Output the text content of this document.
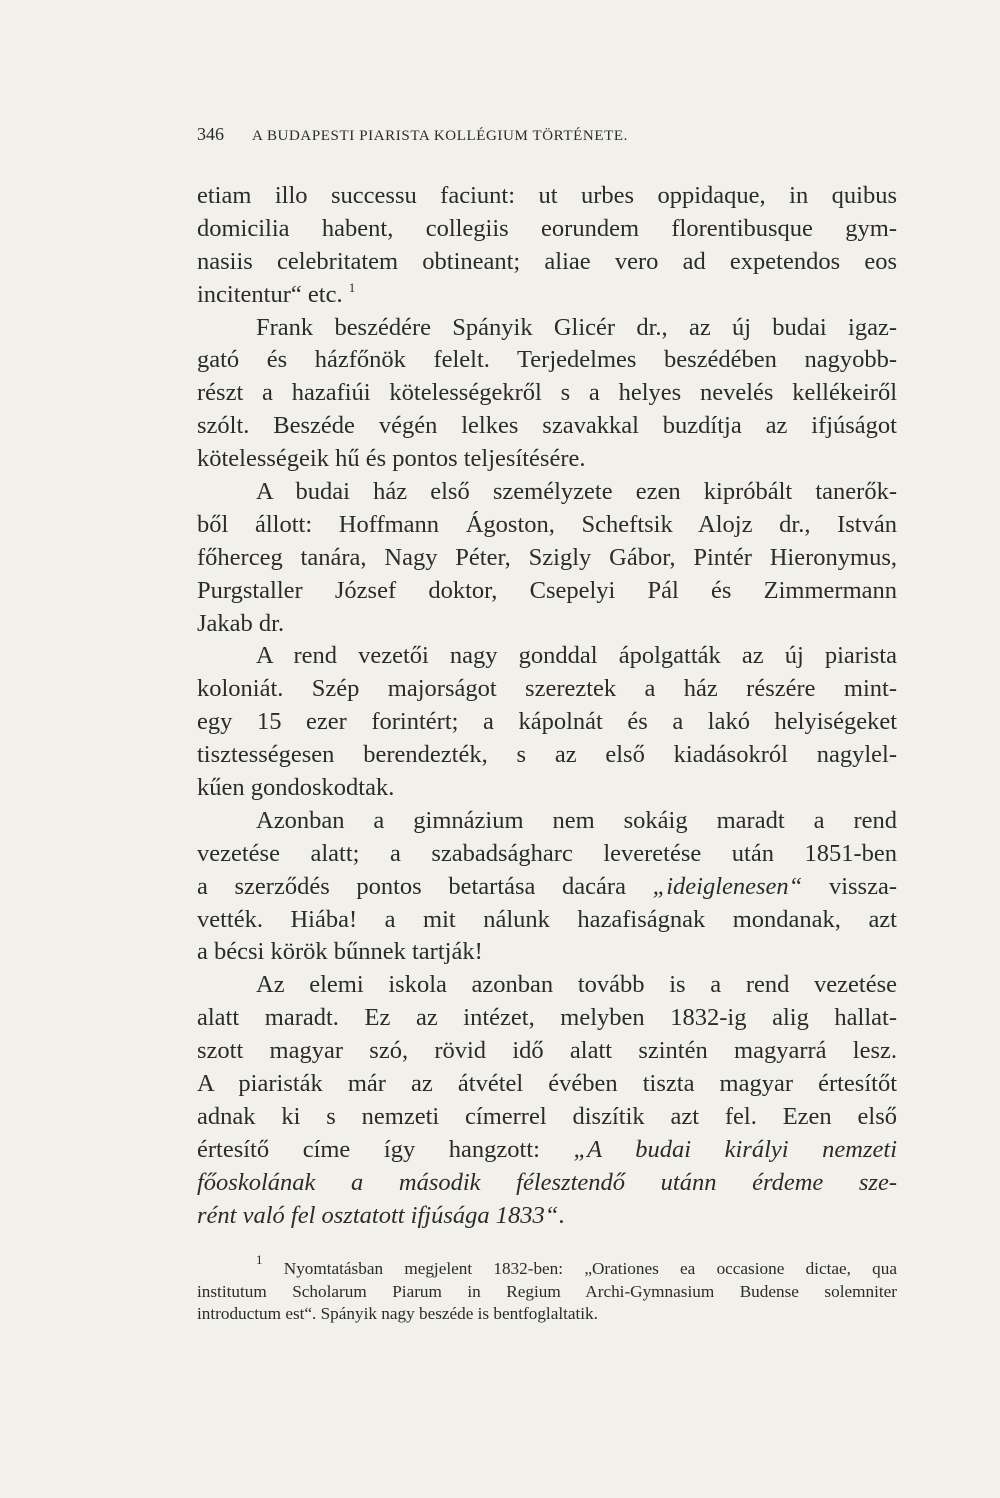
346 A BUDAPESTI PIARISTA KOLLÉGIUM TÖRTÉNETE.
etiam illo successu faciunt: ut urbes oppidaque, in quibus
domicilia habent, collegiis eorundem florentibusque gym-
nasiis celebritatem obtineant; aliae vero ad expetendos eos
incitentur“ etc. $^1$
Frank beszédére Spányik Glicér dr., az új budai igaz-
gató és házfőnök felelt. Terjedelmes beszédében nagyobb-
részt a hazafiúi kötelességekről s a helyes nevelés kellékeiről
szólt. Beszéde végén lelkes szavakkal buzdítja az ifjúságot
kötelességeik hű és pontos teljesítésére.
A budai ház első személyzete ezen kipróbált tanerők-
ből állott: Hoffmann Ágoston, Scheftsik Alojz dr., István
főherceg tanára, Nagy Péter, Szigly Gábor, Pintér Hieronymus,
Purgstaller József doktor, Csepelyi Pál és Zimmermann
Jakab dr.
A rend vezetői nagy gonddal ápolgatták az új piarista
koloniát. Szép majorságot szereztek a ház részére mint-
egy 15 ezer forintért; a kápolnát és a lakó helyiségeket
tisztességesen berendezték, s az első kiadásokról nagylel-
kűen gondoskodtak.
Azonban a gimnázium nem sokáig maradt a rend
vezetése alatt; a szabadságharc leveretése után 1851-ben
a szerződés pontos betartása dacára „ideiglenesen“ vissza-
vették. Hiába! a mit nálunk hazafiságnak mondanak, azt
a bécsi körök bűnnek tartják!
Az elemi iskola azonban tovább is a rend vezetése
alatt maradt. Ez az intézet, melyben 1832-ig alig hallat-
szott magyar szó, rövid idő alatt szintén magyarrá lesz.
A piaristák már az átvétel évében tiszta magyar értesítőt
adnak ki s nemzeti címerrel diszítik azt fel. Ezen első
értesítő címe így hangzott: „A budai királyi nemzeti
főoskolának a második félesztendő utánn érdeme sze-
rént való fel osztatott ifjúsága 1833“.
$^1$ Nyomtatásban megjelent 1832-ben: „Orationes ea occasione dictae, qua
institutum Scholarum Piarum in Regium Archi-Gymnasium Budense solemniter
introductum est“. Spányik nagy beszéde is bentfoglaltatik.
